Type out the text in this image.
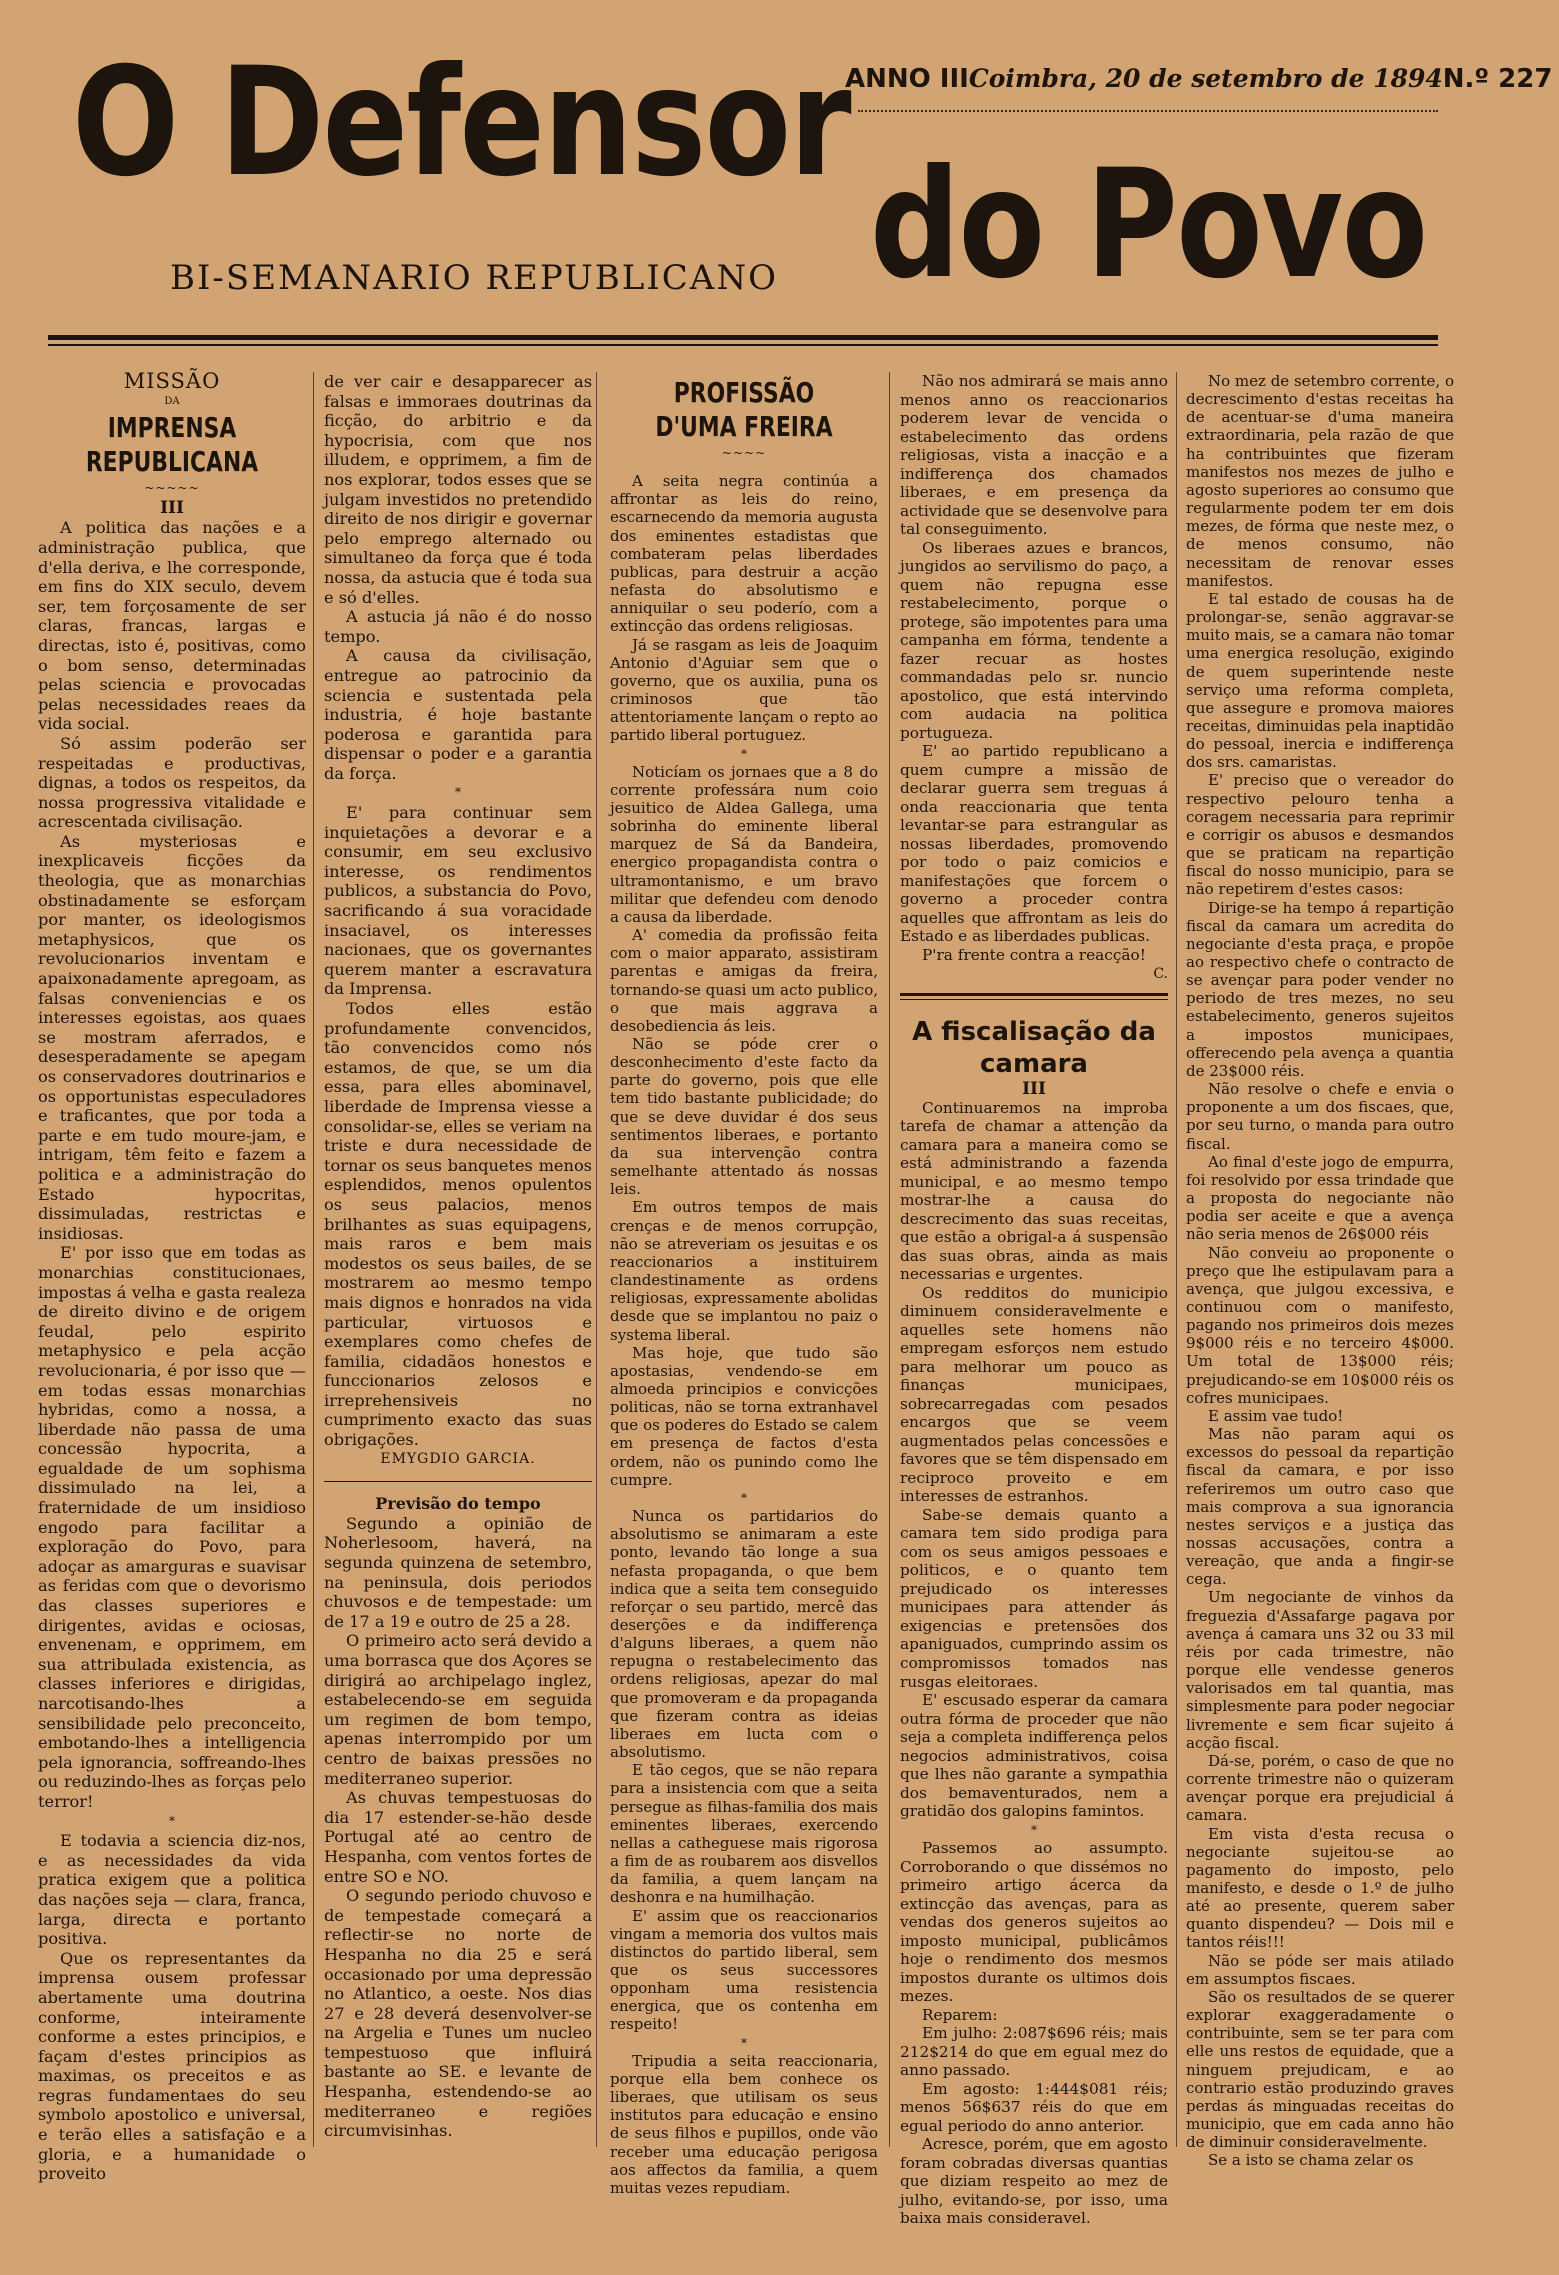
O Defensor
do Povo
BI-SEMANARIO REPUBLICANO
ANNO III Coimbra, 20 de setembro de 1894 N.º 227

MISSÃO

DA

IMPRENSA REPUBLICANA

~~~~~

III

A politica das nações e a administração publica, que d'ella deriva, e lhe corresponde, em fins do XIX seculo, devem ser, tem forçosamente de ser claras, francas, largas e directas, isto é, positivas, como o bom senso, determinadas pelas sciencia e provocadas pelas necessidades reaes da vida social.

Só assim poderão ser respeitadas e productivas, dignas, a todos os respeitos, da nossa progressiva vitalidade e acrescentada civilisação.

As mysteriosas e inexplicaveis ficções da theologia, que as monarchias obstinadamente se esforçam por manter, os ideologismos metaphysicos, que os revolucionarios inventam e apaixonadamente apregoam, as falsas conveniencias e os interesses egoistas, aos quaes se mostram aferrados, e desesperadamente se apegam os conservadores doutrinarios e os opportunistas especuladores e traficantes, que por toda a parte e em tudo moure-jam, e intrigam, têm feito e fazem a politica e a administração do Estado hypocritas, dissimuladas, restrictas e insidiosas.

E' por isso que em todas as monarchias constitucionaes, impostas á velha e gasta realeza de direito divino e de origem feudal, pelo espirito metaphysico e pela acção revolucionaria, é por isso que — em todas essas monarchias hybridas, como a nossa, a liberdade não passa de uma concessão hypocrita, a egualdade de um sophisma dissimulado na lei, a fraternidade de um insidioso engodo para facilitar a exploração do Povo, para adoçar as amarguras e suavisar as feridas com que o devorismo das classes superiores e dirigentes, avidas e ociosas, envenenam, e opprimem, em sua attribulada existencia, as classes inferiores e dirigidas, narcotisando-lhes a sensibilidade pelo preconceito, embotando-lhes a intelligencia pela ignorancia, soffreando-lhes ou reduzindo-lhes as forças pelo terror!

*

E todavia a sciencia diz-nos, e as necessidades da vida pratica exigem que a politica das nações seja — clara, franca, larga, directa e portanto positiva.

Que os representantes da imprensa ousem professar abertamente uma doutrina conforme, inteiramente conforme a estes principios, e façam d'estes principios as maximas, os preceitos e as regras fundamentaes do seu symbolo apostolico e universal, e terão elles a satisfação e a gloria, e a humanidade o proveito

de ver cair e desapparecer as falsas e immoraes doutrinas da ficção, do arbitrio e da hypocrisia, com que nos illudem, e opprimem, a fim de nos explorar, todos esses que se julgam investidos no pretendido direito de nos dirigir e governar pelo emprego alternado ou simultaneo da força que é toda nossa, da astucia que é toda sua e só d'elles.

A astucia já não é do nosso tempo.

A causa da civilisação, entregue ao patrocinio da sciencia e sustentada pela industria, é hoje bastante poderosa e garantida para dispensar o poder e a garantia da força.

*

E' para continuar sem inquietações a devorar e a consumir, em seu exclusivo interesse, os rendimentos publicos, a substancia do Povo, sacrificando á sua voracidade insaciavel, os interesses nacionaes, que os governantes querem manter a escravatura da Imprensa.

Todos elles estão profundamente convencidos, tão convencidos como nós estamos, de que, se um dia essa, para elles abominavel, liberdade de Imprensa viesse a consolidar-se, elles se veriam na triste e dura necessidade de tornar os seus banquetes menos esplendidos, menos opulentos os seus palacios, menos brilhantes as suas equipagens, mais raros e bem mais modestos os seus bailes, de se mostrarem ao mesmo tempo mais dignos e honrados na vida particular, virtuosos e exemplares como chefes de familia, cidadãos honestos e funccionarios zelosos e irreprehensiveis no cumprimento exacto das suas obrigações.

EMYGDIO GARCIA.

Previsão do tempo

Segundo a opinião de Noherlesoom, haverá, na segunda quinzena de setembro, na peninsula, dois periodos chuvosos e de tempestade: um de 17 a 19 e outro de 25 a 28.

O primeiro acto será devido a uma borrasca que dos Açores se dirigirá ao archipelago inglez, estabelecendo-se em seguida um regimen de bom tempo, apenas interrompido por um centro de baixas pressões no mediterraneo superior.

As chuvas tempestuosas do dia 17 estender-se-hão desde Portugal até ao centro de Hespanha, com ventos fortes de entre SO e NO.

O segundo periodo chuvoso e de tempestade começará a reflectir-se no norte de Hespanha no dia 25 e será occasionado por uma depressão no Atlantico, a oeste. Nos dias 27 e 28 deverá desenvolver-se na Argelia e Tunes um nucleo tempestuoso que influirá bastante ao SE. e levante de Hespanha, estendendo-se ao mediterraneo e regiões circumvisinhas.

PROFISSÃO D'UMA FREIRA

~~~~

A seita negra continúa a affrontar as leis do reino, escarnecendo da memoria augusta dos eminentes estadistas que combateram pelas liberdades publicas, para destruir a acção nefasta do absolutismo e anniquilar o seu poderío, com a extincção das ordens religiosas.

Já se rasgam as leis de Joaquim Antonio d'Aguiar sem que o governo, que os auxilia, puna os criminosos que tão attentoriamente lançam o repto ao partido liberal portuguez.

*

Noticíam os jornaes que a 8 do corrente professára num coio jesuitico de Aldea Gallega, uma sobrinha do eminente liberal marquez de Sá da Bandeira, energico propagandista contra o ultramontanismo, e um bravo militar que defendeu com denodo a causa da liberdade.

A' comedia da profissão feita com o maior apparato, assistiram parentas e amigas da freira, tornando-se quasi um acto publico, o que mais aggrava a desobediencia ás leis.

Não se póde crer o desconhecimento d'este facto da parte do governo, pois que elle tem tido bastante publicidade; do que se deve duvidar é dos seus sentimentos liberaes, e portanto da sua intervenção contra semelhante attentado ás nossas leis.

Em outros tempos de mais crenças e de menos corrupção, não se atreveriam os jesuitas e os reaccionarios a instituirem clandestinamente as ordens religiosas, expressamente abolidas desde que se implantou no paiz o systema liberal.

Mas hoje, que tudo são apostasias, vendendo-se em almoeda principios e convicções politicas, não se torna extranhavel que os poderes do Estado se calem em presença de factos d'esta ordem, não os punindo como lhe cumpre.

*

Nunca os partidarios do absolutismo se animaram a este ponto, levando tão longe a sua nefasta propaganda, o que bem indica que a seita tem conseguido reforçar o seu partido, mercê das deserções e da indifferença d'alguns liberaes, a quem não repugna o restabelecimento das ordens religiosas, apezar do mal que promoveram e da propaganda que fizeram contra as ideias liberaes em lucta com o absolutismo.

E tão cegos, que se não repara para a insistencia com que a seita persegue as filhas-familia dos mais eminentes liberaes, exercendo nellas a catheguese mais rigorosa a fim de as roubarem aos disvellos da familia, a quem lançam na deshonra e na humilhação.

E' assim que os reaccionarios vingam a memoria dos vultos mais distinctos do partido liberal, sem que os seus successores opponham uma resistencia energica, que os contenha em respeito!

*

Tripudia a seita reaccionaria, porque ella bem conhece os liberaes, que utilisam os seus institutos para educação e ensino de seus filhos e pupillos, onde vão receber uma educação perigosa aos affectos da familia, a quem muitas vezes repudiam.

Não nos admirará se mais anno menos anno os reaccionarios poderem levar de vencida o estabelecimento das ordens religiosas, vista a inacção e a indifferença dos chamados liberaes, e em presença da actividade que se desenvolve para tal conseguimento.

Os liberaes azues e brancos, jungidos ao servilismo do paço, a quem não repugna esse restabelecimento, porque o protege, são impotentes para uma campanha em fórma, tendente a fazer recuar as hostes commandadas pelo sr. nuncio apostolico, que está intervindo com audacia na politica portugueza.

E' ao partido republicano a quem cumpre a missão de declarar guerra sem treguas á onda reaccionaria que tenta levantar-se para estrangular as nossas liberdades, promovendo por todo o paiz comicios e manifestações que forcem o governo a proceder contra aquelles que affrontam as leis do Estado e as liberdades publicas.

P'ra frente contra a reacção!

C.

A fiscalisação da camara

III

Continuaremos na improba tarefa de chamar a attenção da camara para a maneira como se está administrando a fazenda municipal, e ao mesmo tempo mostrar-lhe a causa do descrecimento das suas receitas, que estão a obrigal-a á suspensão das suas obras, ainda as mais necessarias e urgentes.

Os redditos do municipio diminuem consideravelmente e aquelles sete homens não empregam esforços nem estudo para melhorar um pouco as finanças municipaes, sobrecarregadas com pesados encargos que se veem augmentados pelas concessões e favores que se têm dispensado em reciproco proveito e em interesses de estranhos.

Sabe-se demais quanto a camara tem sido prodiga para com os seus amigos pessoaes e politicos, e o quanto tem prejudicado os interesses municipaes para attender ás exigencias e pretensões dos apaniguados, cumprindo assim os compromissos tomados nas rusgas eleitoraes.

E' escusado esperar da camara outra fórma de proceder que não seja a completa indifferença pelos negocios administrativos, coisa que lhes não garante a sympathia dos bemaventurados, nem a gratidão dos galopins famintos.

*

Passemos ao assumpto. Corroborando o que dissémos no primeiro artigo ácerca da extincção das avenças, para as vendas dos generos sujeitos ao imposto municipal, publicâmos hoje o rendimento dos mesmos impostos durante os ultimos dois mezes.

Reparem:

Em julho: 2:087$696 réis; mais 212$214 do que em egual mez do anno passado.

Em agosto: 1:444$081 réis; menos 56$637 réis do que em egual periodo do anno anterior.

Acresce, porém, que em agosto foram cobradas diversas quantias que diziam respeito ao mez de julho, evitando-se, por isso, uma baixa mais consideravel.

No mez de setembro corrente, o decrescimento d'estas receitas ha de acentuar-se d'uma maneira extraordinaria, pela razão de que ha contribuintes que fizeram manifestos nos mezes de julho e agosto superiores ao consumo que regularmente podem ter em dois mezes, de fórma que neste mez, o de menos consumo, não necessitam de renovar esses manifestos.

E tal estado de cousas ha de prolongar-se, senão aggravar-se muito mais, se a camara não tomar uma energica resolução, exigindo de quem superintende neste serviço uma reforma completa, que assegure e promova maiores receitas, diminuidas pela inaptidão do pessoal, inercia e indifferença dos srs. camaristas.

E' preciso que o vereador do respectivo pelouro tenha a coragem necessaria para reprimir e corrigir os abusos e desmandos que se praticam na repartição fiscal do nosso municipio, para se não repetirem d'estes casos:

Dirige-se ha tempo á repartição fiscal da camara um acredita do negociante d'esta praça, e propõe ao respectivo chefe o contracto de se avençar para poder vender no periodo de tres mezes, no seu estabelecimento, generos sujeitos a impostos municipaes, offerecendo pela avença a quantia de 23$000 réis.

Não resolve o chefe e envia o proponente a um dos fiscaes, que, por seu turno, o manda para outro fiscal.

Ao final d'este jogo de empurra, foi resolvido por essa trindade que a proposta do negociante não podia ser aceite e que a avença não seria menos de 26$000 réis

Não conveiu ao proponente o preço que lhe estipulavam para a avença, que julgou excessiva, e continuou com o manifesto, pagando nos primeiros dois mezes 9$000 réis e no terceiro 4$000. Um total de 13$000 réis; prejudicando-se em 10$000 réis os cofres municipaes.

E assim vae tudo!

Mas não param aqui os excessos do pessoal da repartição fiscal da camara, e por isso referiremos um outro caso que mais comprova a sua ignorancia nestes serviços e a justiça das nossas accusações, contra a vereação, que anda a fingir-se cega.

Um negociante de vinhos da freguezia d'Assafarge pagava por avença á camara uns 32 ou 33 mil réis por cada trimestre, não porque elle vendesse generos valorisados em tal quantia, mas simplesmente para poder negociar livremente e sem ficar sujeito á acção fiscal.

Dá-se, porém, o caso de que no corrente trimestre não o quizeram avençar porque era prejudicial á camara.

Em vista d'esta recusa o negociante sujeitou-se ao pagamento do imposto, pelo manifesto, e desde o 1.º de julho até ao presente, querem saber quanto dispendeu? — Dois mil e tantos réis!!!

Não se póde ser mais atilado em assumptos fiscaes.

São os resultados de se querer explorar exaggeradamente o contribuinte, sem se ter para com elle uns restos de equidade, que a ninguem prejudicam, e ao contrario estão produzindo graves perdas ás minguadas receitas do municipio, que em cada anno hão de diminuir consideravelmente.

Se a isto se chama zelar os
